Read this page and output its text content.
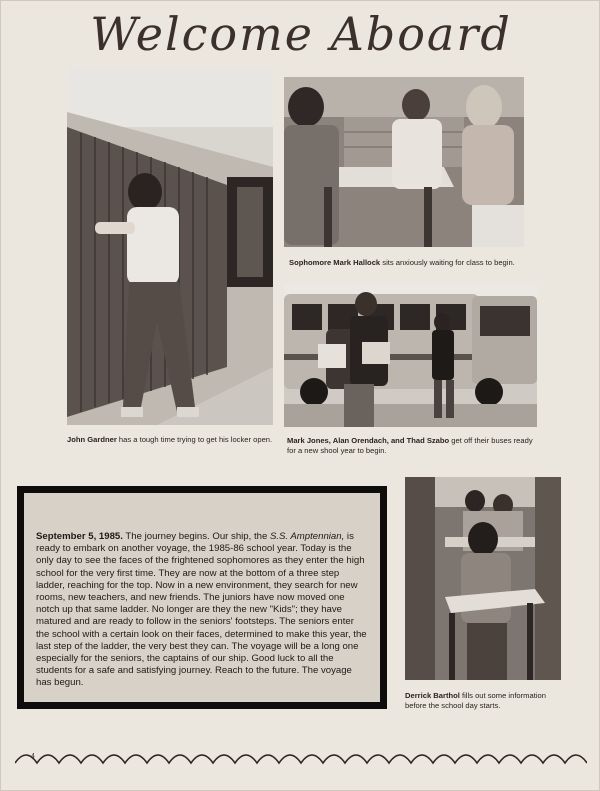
Welcome Aboard
John Gardner has a tough time trying to get his locker open.
Sophomore Mark Hallock sits anxiously waiting for class to begin.
Mark Jones, Alan Orendach, and Thad Szabo get off their buses ready for a new shool year to begin.
September 5, 1985. The journey begins. Our ship, the S.S. Amptennian, is ready to embark on another voyage, the 1985-86 school year. Today is the only day to see the faces of the frightened sophomores as they enter the high school for the very first time. They are now at the bottom of a three step ladder, reaching for the top. Now in a new environment, they search for new rooms, new teachers, and new friends. The juniors have now moved one notch up that same ladder. No longer are they the new "Kids"; they have matured and are ready to follow in the seniors' footsteps. The seniors enter the school with a certain look on their faces, determined to make this year, the last step of the ladder, the very best they can. The voyage will be a long one especially for the seniors, the captains of our ship. Good luck to all the students for a safe and satisfying journey. Reach to the future. The voyage has begun.
Derrick Barthol fills out some information before the school day starts.
4
